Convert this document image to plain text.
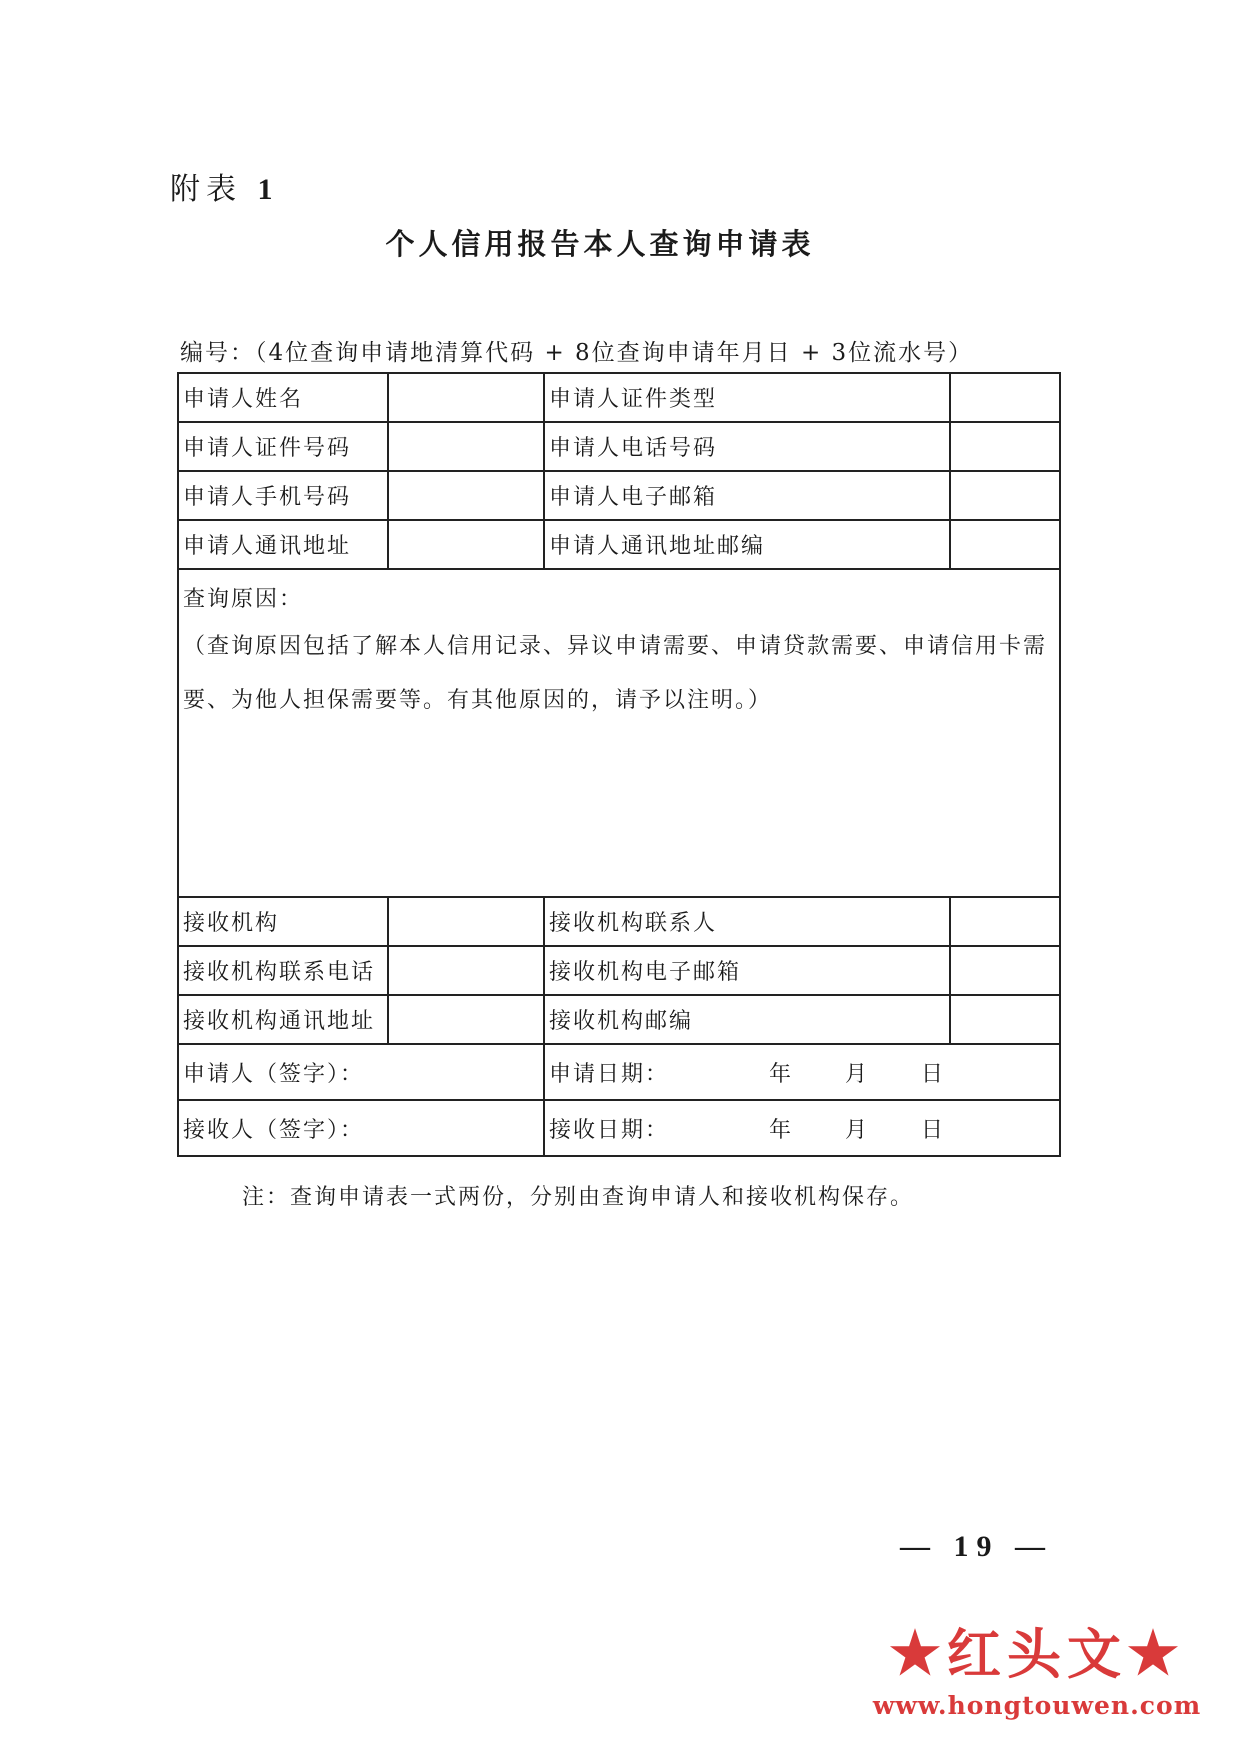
附表 1
个人信用报告本人查询申请表
编号：（4位查询申请地清算代码 + 8位查询申请年月日 + 3位流水号）
申请人姓名		申请人证件类型	
申请人证件号码		申请人电话号码	
申请人手机号码		申请人电子邮箱	
申请人通讯地址		申请人通讯地址邮编	

查询原因：
（查询原因包括了解本人信用记录、异议申请需要、申请贷款需要、申请信用卡需要、为他人担保需要等。有其他原因的，请予以注明。）			

接收机构		接收机构联系人	
接收机构联系电话		接收机构电子邮箱	
接收机构通讯地址		接收机构邮编	
申请人（签字）：		申请日期： 年 月 日	

接收人（签字）：		接收日期： 年 月 日	
注：查询申请表一式两份，分别由查询申请人和接收机构保存。
— 19 —
★红头文★
www.hongtouwen.com
